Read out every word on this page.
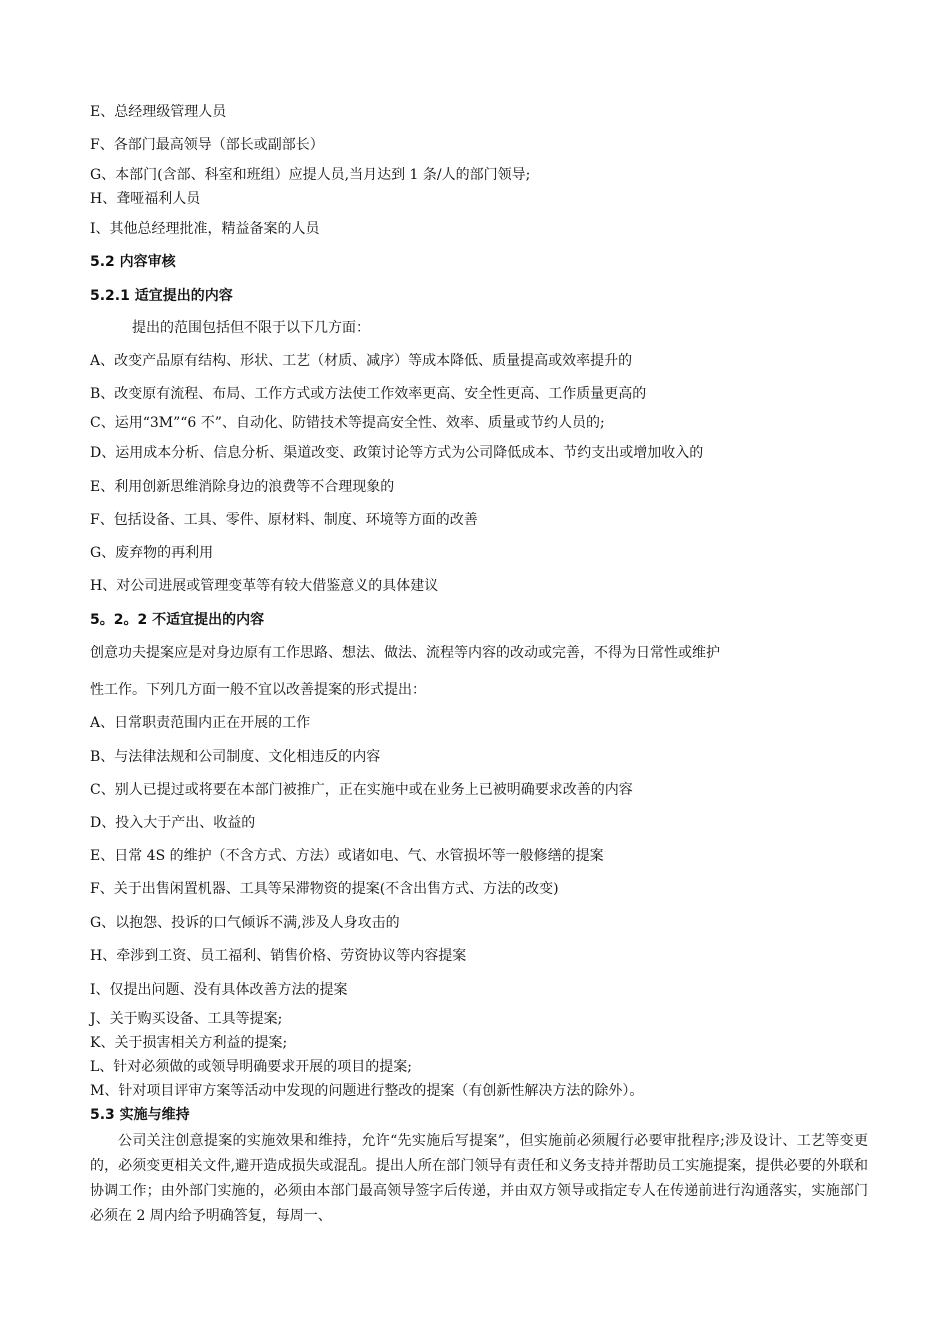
E、总经理级管理人员

F、各部门最高领导（部长或副部长）

G、本部门(含部、科室和班组）应提人员,当月达到 1 条/人的部门领导;

H、聋哑福利人员

I、其他总经理批准，精益备案的人员

5.2 内容审核

5.2.1 适宜提出的内容

提出的范围包括但不限于以下几方面：

A、改变产品原有结构、形状、工艺（材质、减序）等成本降低、质量提高或效率提升的

B、改变原有流程、布局、工作方式或方法使工作效率更高、安全性更高、工作质量更高的

C、运用“3M”“6 不”、自动化、防错技术等提高安全性、效率、质量或节约人员的;

D、运用成本分析、信息分析、渠道改变、政策讨论等方式为公司降低成本、节约支出或增加收入的

E、利用创新思维消除身边的浪费等不合理现象的

F、包括设备、工具、零件、原材料、制度、环境等方面的改善

G、废弃物的再利用

H、对公司进展或管理变革等有较大借鉴意义的具体建议

5。2。2 不适宜提出的内容

创意功夫提案应是对身边原有工作思路、想法、做法、流程等内容的改动或完善，不得为日常性或维护

性工作。下列几方面一般不宜以改善提案的形式提出：

A、日常职责范围内正在开展的工作

B、与法律法规和公司制度、文化相违反的内容

C、别人已提过或将要在本部门被推广，正在实施中或在业务上已被明确要求改善的内容

D、投入大于产出、收益的

E、日常 4S 的维护（不含方式、方法）或诸如电、气、水管损坏等一般修缮的提案

F、关于出售闲置机器、工具等呆滞物资的提案(不含出售方式、方法的改变)

G、以抱怨、投诉的口气倾诉不满,涉及人身攻击的

H、牵涉到工资、员工福利、销售价格、劳资协议等内容提案

I、仅提出问题、没有具体改善方法的提案

J、关于购买设备、工具等提案;

K、关于损害相关方利益的提案;

L、针对必须做的或领导明确要求开展的项目的提案;

M、针对项目评审方案等活动中发现的问题进行整改的提案（有创新性解决方法的除外）。

5.3 实施与维持

公司关注创意提案的实施效果和维持，允许“先实施后写提案”，但实施前必须履行必要审批程序;涉及设计、工艺等变更的，必须变更相关文件,避开造成损失或混乱。提出人所在部门领导有责任和义务支持并帮助员工实施提案，提供必要的外联和协调工作；由外部门实施的，必须由本部门最高领导签字后传递，并由双方领导或指定专人在传递前进行沟通落实，实施部门必须在 2 周内给予明确答复，每周一、
